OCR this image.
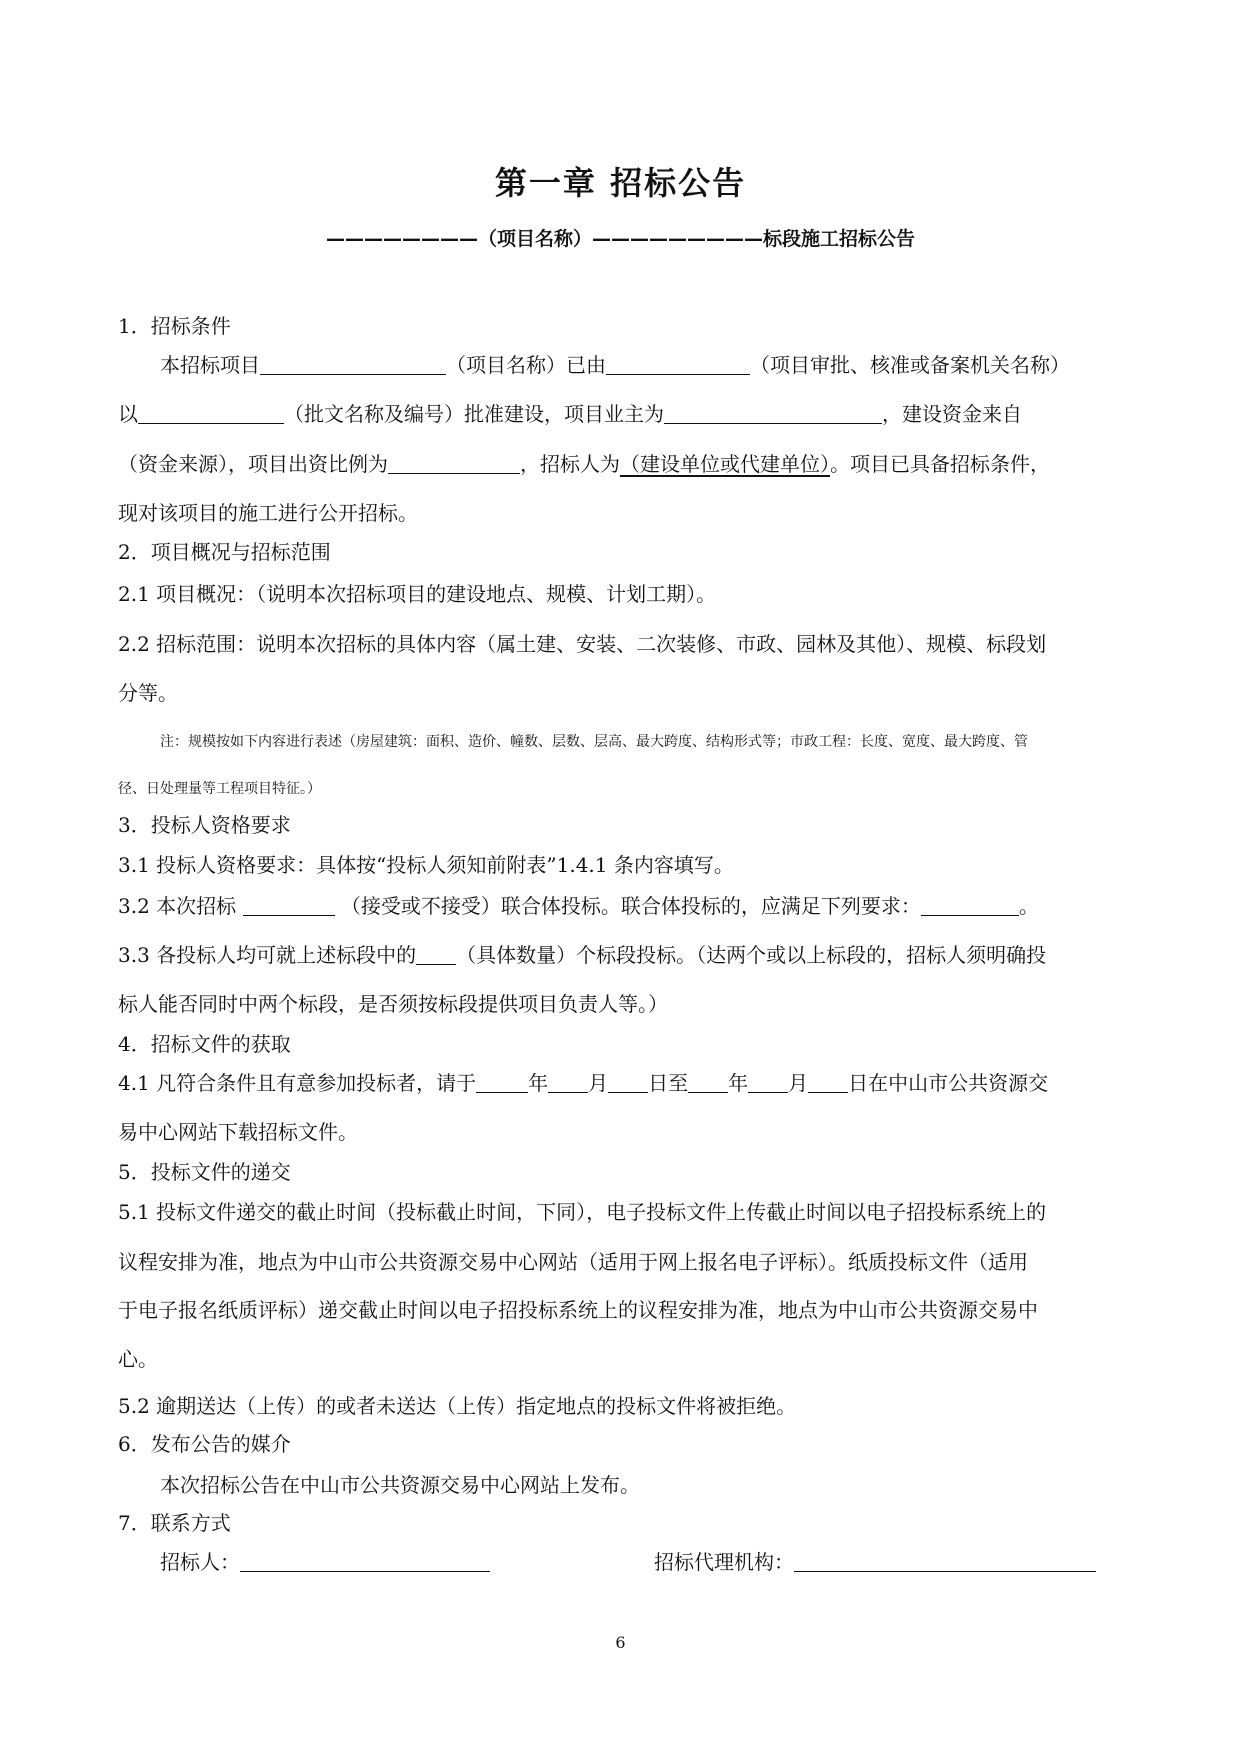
第一章 招标公告
————————（项目名称）—————————标段施工招标公告
1．招标条件
本招标项目	（项目名称）已由	（项目审批、核准或备案机关名称）
以	（批文名称及编号）批准建设，项目业主为	，建设资金来自
（资金来源），项目出资比例为	，招标人为（建设单位或代建单位）。项目已具备招标条件，
现对该项目的施工进行公开招标。
2．项目概况与招标范围
2.1 项目概况：（说明本次招标项目的建设地点、规模、计划工期）。
2.2 招标范围：说明本次招标的具体内容（属土建、安装、二次装修、市政、园林及其他）、规模、标段划
分等。
注：规模按如下内容进行表述（房屋建筑：面积、造价、幢数、层数、层高、最大跨度、结构形式等；市政工程：长度、宽度、最大跨度、管
径、日处理量等工程项目特征。）
3．投标人资格要求
3.1 投标人资格要求：具体按“投标人须知前附表”1.4.1 条内容填写。
3.2 本次招标	（接受或不接受）联合体投标。联合体投标的，应满足下列要求：	。
3.3 各投标人均可就上述标段中的 （具体数量）个标段投标。（达两个或以上标段的，招标人须明确投
标人能否同时中两个标段，是否须按标段提供项目负责人等。）
4．招标文件的获取
4.1 凡符合条件且有意参加投标者，请于	年 月 日至 年 月 日在中山市公共资源交
易中心网站下载招标文件。
5．投标文件的递交
5.1 投标文件递交的截止时间（投标截止时间，下同），电子投标文件上传截止时间以电子招投标系统上的
议程安排为准，地点为中山市公共资源交易中心网站（适用于网上报名电子评标）。纸质投标文件（适用
于电子报名纸质评标）递交截止时间以电子招投标系统上的议程安排为准，地点为中山市公共资源交易中
心。
5.2 逾期送达（上传）的或者未送达（上传）指定地点的投标文件将被拒绝。
6．发布公告的媒介
本次招标公告在中山市公共资源交易中心网站上发布。
7．联系方式
招标人：	招标代理机构：
6
